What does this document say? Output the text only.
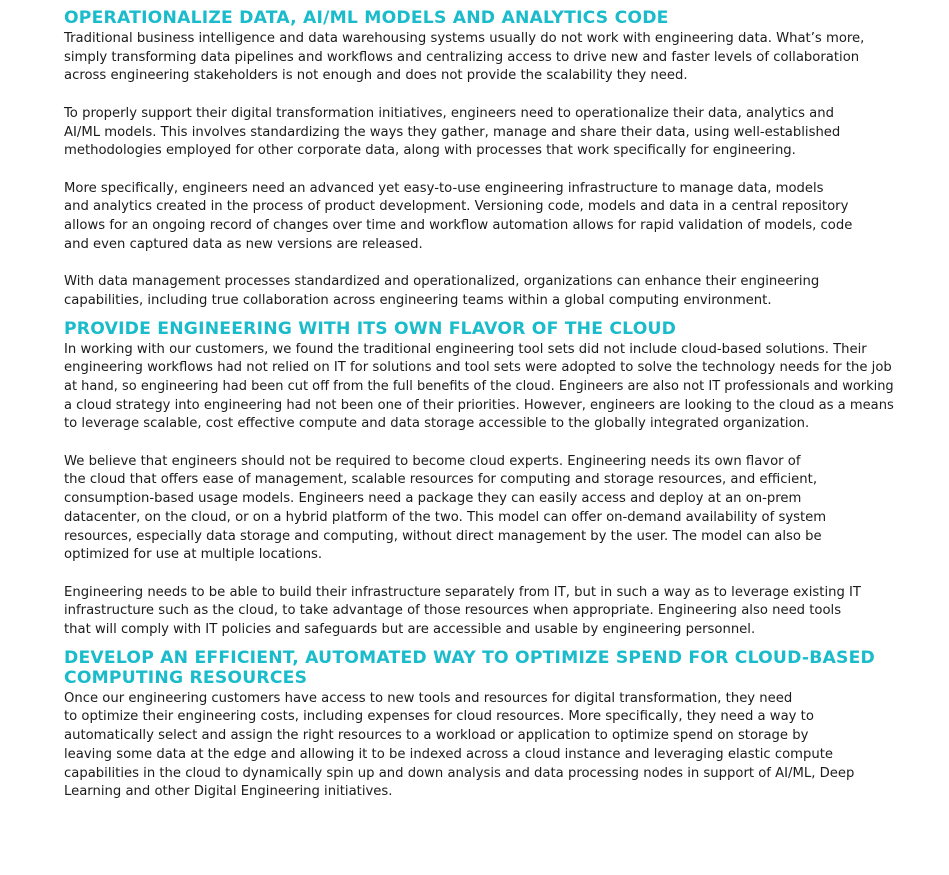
OPERATIONALIZE DATA, AI/ML MODELS AND ANALYTICS CODE

Traditional business intelligence and data warehousing systems usually do not work with engineering data. What’s more,
simply transforming data pipelines and workflows and centralizing access to drive new and faster levels of collaboration
across engineering stakeholders is not enough and does not provide the scalability they need.

To properly support their digital transformation initiatives, engineers need to operationalize their data, analytics and
AI/ML models. This involves standardizing the ways they gather, manage and share their data, using well-established
methodologies employed for other corporate data, along with processes that work specifically for engineering.

More specifically, engineers need an advanced yet easy-to-use engineering infrastructure to manage data, models
and analytics created in the process of product development. Versioning code, models and data in a central repository
allows for an ongoing record of changes over time and workflow automation allows for rapid validation of models, code
and even captured data as new versions are released.

With data management processes standardized and operationalized, organizations can enhance their engineering
capabilities, including true collaboration across engineering teams within a global computing environment.

PROVIDE ENGINEERING WITH ITS OWN FLAVOR OF THE CLOUD

In working with our customers, we found the traditional engineering tool sets did not include cloud-based solutions. Their
engineering workflows had not relied on IT for solutions and tool sets were adopted to solve the technology needs for the job
at hand, so engineering had been cut off from the full benefits of the cloud. Engineers are also not IT professionals and working
a cloud strategy into engineering had not been one of their priorities. However, engineers are looking to the cloud as a means
to leverage scalable, cost effective compute and data storage accessible to the globally integrated organization.

We believe that engineers should not be required to become cloud experts. Engineering needs its own flavor of
the cloud that offers ease of management, scalable resources for computing and storage resources, and efficient,
consumption-based usage models. Engineers need a package they can easily access and deploy at an on-prem
datacenter, on the cloud, or on a hybrid platform of the two. This model can offer on-demand availability of system
resources, especially data storage and computing, without direct management by the user. The model can also be
optimized for use at multiple locations.

Engineering needs to be able to build their infrastructure separately from IT, but in such a way as to leverage existing IT
infrastructure such as the cloud, to take advantage of those resources when appropriate. Engineering also need tools
that will comply with IT policies and safeguards but are accessible and usable by engineering personnel.

DEVELOP AN EFFICIENT, AUTOMATED WAY TO OPTIMIZE SPEND FOR CLOUD-BASED
COMPUTING RESOURCES

Once our engineering customers have access to new tools and resources for digital transformation, they need
to optimize their engineering costs, including expenses for cloud resources. More specifically, they need a way to
automatically select and assign the right resources to a workload or application to optimize spend on storage by
leaving some data at the edge and allowing it to be indexed across a cloud instance and leveraging elastic compute
capabilities in the cloud to dynamically spin up and down analysis and data processing nodes in support of AI/ML, Deep
Learning and other Digital Engineering initiatives.
